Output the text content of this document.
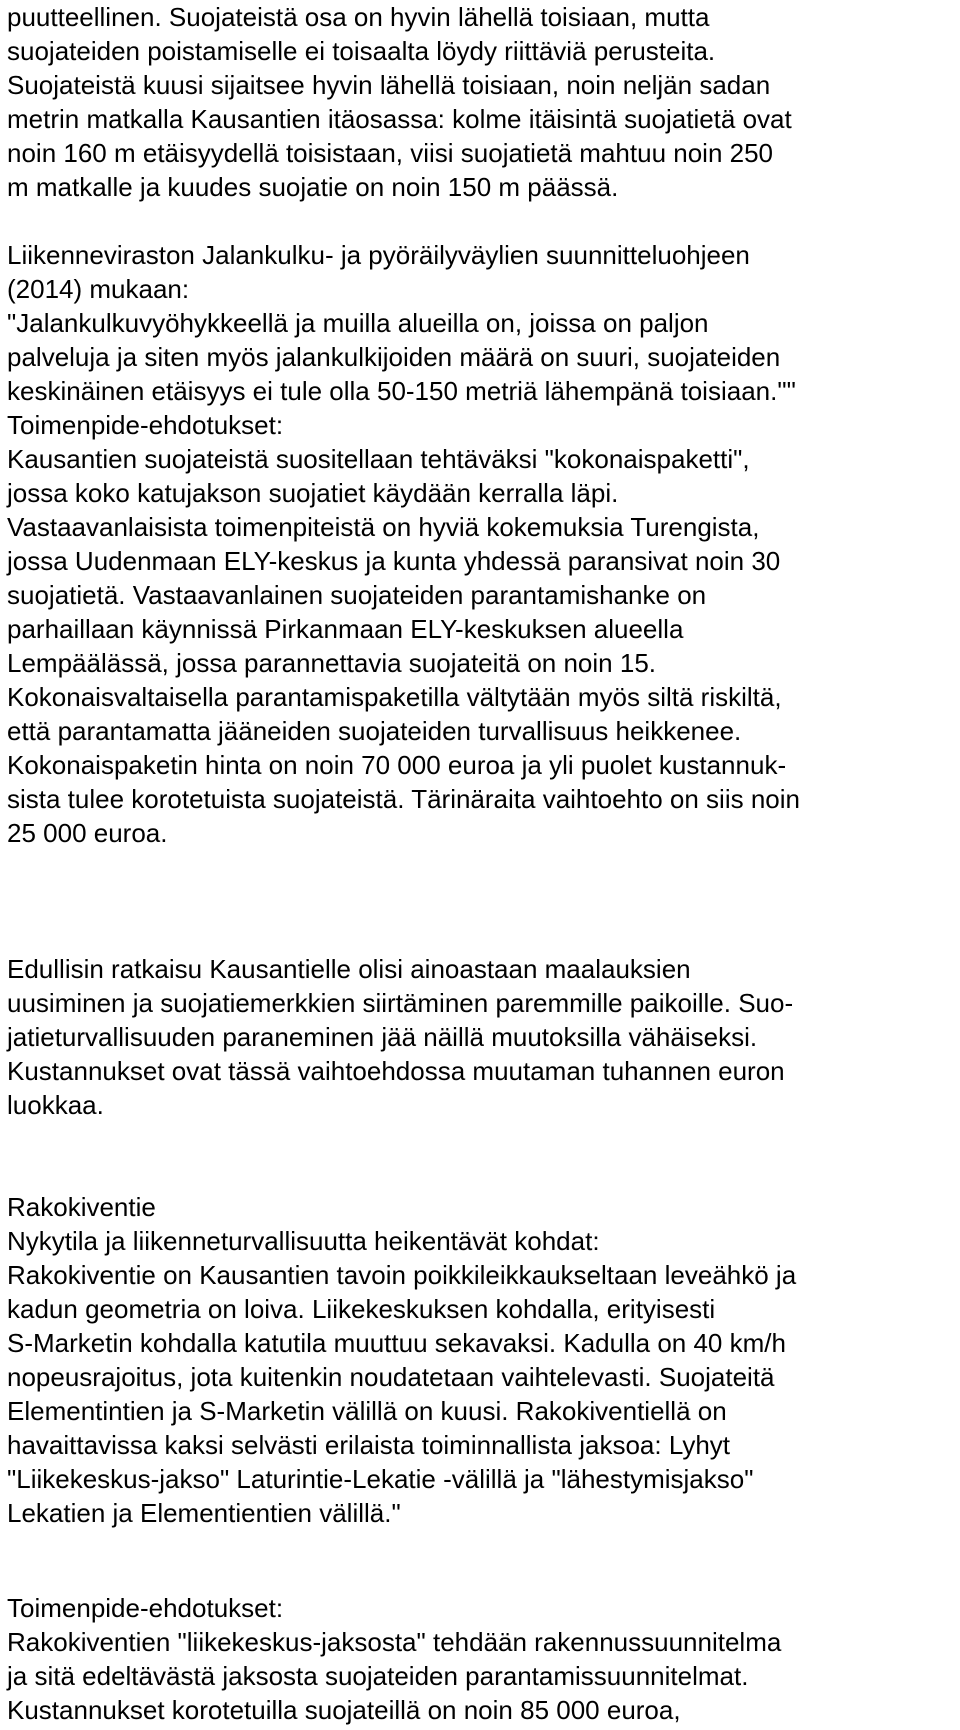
puutteellinen. Suojateistä osa on hyvin lähellä toisiaan, mutta
suojateiden poistamiselle ei toisaalta löydy riittäviä perusteita.
Suojateistä kuusi sijaitsee hyvin lähellä toisiaan, noin neljän sadan
metrin matkalla Kausantien itäosassa: kolme itäisintä suojatietä ovat
noin 160 m etäisyydellä toisistaan, viisi suojatietä mahtuu noin 250
m matkalle ja kuudes suojatie on noin 150 m päässä.
Liikenneviraston Jalankulku- ja pyöräilyväylien suunnitteluohjeen
(2014) mukaan:
"Jalankulkuvyöhykkeellä ja muilla alueilla on, joissa on paljon
palveluja ja siten myös jalankulkijoiden määrä on suuri, suojateiden
keskinäinen etäisyys ei tule olla 50-150 metriä lähempänä toisiaan.""
Toimenpide-ehdotukset:
Kausantien suojateistä suositellaan tehtäväksi "kokonaispaketti",
jossa koko katujakson suojatiet käydään kerralla läpi.
Vastaavanlaisista toimenpiteistä on hyviä kokemuksia Turengista,
jossa Uudenmaan ELY-keskus ja kunta yhdessä paransivat noin 30
suojatietä. Vastaavanlainen suojateiden parantamishanke on
parhaillaan käynnissä Pirkanmaan ELY-keskuksen alueella
Lempäälässä, jossa parannettavia suojateitä on noin 15.
Kokonaisvaltaisella parantamispaketilla vältytään myös siltä riskiltä,
että parantamatta jääneiden suojateiden turvallisuus heikkenee.
Kokonaispaketin hinta on noin 70 000 euroa ja yli puolet kustannuk-
sista tulee korotetuista suojateistä. Tärinäraita vaihtoehto on siis noin
25 000 euroa.
Edullisin ratkaisu Kausantielle olisi ainoastaan maalauksien
uusiminen ja suojatiemerkkien siirtäminen paremmille paikoille. Suo-
jatieturvallisuuden paraneminen jää näillä muutoksilla vähäiseksi.
Kustannukset ovat tässä vaihtoehdossa muutaman tuhannen euron
luokkaa.
Rakokiventie
Nykytila ja liikenneturvallisuutta heikentävät kohdat:
Rakokiventie on Kausantien tavoin poikkileikkaukseltaan leveähkö ja
kadun geometria on loiva. Liikekeskuksen kohdalla, erityisesti
S-Marketin kohdalla katutila muuttuu sekavaksi. Kadulla on 40 km/h
nopeusrajoitus, jota kuitenkin noudatetaan vaihtelevasti. Suojateitä
Elementintien ja S-Marketin välillä on kuusi. Rakokiventiellä on
havaittavissa kaksi selvästi erilaista toiminnallista jaksoa: Lyhyt
"Liikekeskus-jakso" Laturintie-Lekatie -välillä ja "lähestymisjakso"
Lekatien ja Elementientien välillä."
Toimenpide-ehdotukset:
Rakokiventien "liikekeskus-jaksosta" tehdään rakennussuunnitelma
ja sitä edeltävästä jaksosta suojateiden parantamissuunnitelmat.
Kustannukset korotetuilla suojateillä on noin 85 000 euroa,
